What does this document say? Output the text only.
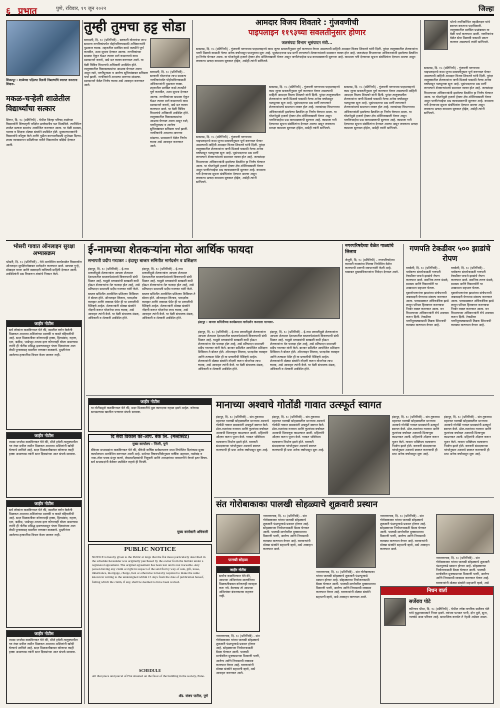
६ प्रभात	पुणे, रविवार, १९ जून २०२२	जिल्हा
शिक्रापूर : शाळेच्या पहिल्या दिवशी विद्यार्थ्यांचे स्वागत करताना शिक्षक.
तुम्ही तुमचा हट्ट सोडा
बारामती, दि. १८ (प्रतिनिधी) - सरकारी योजनांचा लाभ सामान्य नागरिकांपर्यंत पोहोचविण्यासाठी अधिकाऱ्यांनी पुढाकार घ्यावा. शहरातील प्रलंबित कामे तातडीने पूर्ण करावीत, अशा सूचना देण्यात आल्या. नागरिकांच्या समस्या ऐकून घेऊन त्यावर मार्ग काढण्याचे काम प्रशासनाने करावे, असे मत व्यक्त करण्यात आले. या वेळी विविध विभागांचे अधिकारी उपस्थित होते. तालुक्यातील विकासकामांचा आढावा घेण्यात आला असून रस्ते, पाणीपुरवठा व आरोग्य सुविधांबाबत सविस्तर चर्चा झाली. नागरिकांनी आपल्या मागण्या मांडल्या. प्रशासनाने वेळेत निर्णय घ्यावा असे आवाहन करण्यात आले.
बारामती, दि. १८ (प्रतिनिधी) - सरकारी योजनांचा लाभ सामान्य नागरिकांपर्यंत पोहोचविण्यासाठी अधिकाऱ्यांनी पुढाकार घ्यावा. शहरातील प्रलंबित कामे तातडीने पूर्ण करावीत, अशा सूचना देण्यात आल्या. नागरिकांच्या समस्या ऐकून घेऊन त्यावर मार्ग काढण्याचे काम प्रशासनाने करावे, असे मत व्यक्त करण्यात आले. या वेळी विविध विभागांचे अधिकारी उपस्थित होते. तालुक्यातील विकासकामांचा आढावा घेण्यात आला असून रस्ते, पाणीपुरवठा व आरोग्य सुविधांबाबत सविस्तर चर्चा झाली. नागरिकांनी आपल्या मागण्या मांडल्या. प्रशासनाने वेळेत निर्णय घ्यावा असे आवाहन करण्यात आले.
मकळ-चऱ्हेली शाळेतील विद्यार्थ्यांचा सत्कार
शिरूर, दि. १८ (प्रतिनिधी) - येथील जिल्हा परिषद शाळेच्या विद्यार्थ्यांनी शिष्यवृत्ती परीक्षेत उल्लेखनीय यश मिळविले. त्यानिमित्त शाळेत सत्कार समारंभ आयोजित करण्यात आला. या वेळी ग्रामस्थ, पालक व शिक्षक मोठ्या संख्येने उपस्थित होते. मुख्याध्यापकांनी विद्यार्थ्यांचे कौतुक केले आणि पुढील वाटचालीसाठी शुभेच्छा दिल्या. शाळा व्यवस्थापन समितीच्या वतीने विद्यार्थ्यांना बक्षिसे देण्यात आली.
आमदार विजय शिवतारे : गुंजवणीची
पाइपलाइन ११९३च्या सवलतीनुसार होणार
जलसंपदा विभाग भूसंपादन मंत्री...
सासवड, दि. १८ (प्रतिनिधी) - गुंजवणी धरणाच्या पाइपलाइनचे काम जुन्या सवलतीनुसार पूर्ण करण्यात येणार असल्याची माहिती आमदार विजय शिवतारे यांनी दिली. पुरंदर तालुक्यातील शेतकऱ्यांना पाणी मिळावे यासाठी गेल्या अनेक वर्षांपासून पाठपुरावा सुरू आहे. भूसंपादनाचा प्रश्न मार्गी लागल्याने शेतकऱ्यांमध्ये समाधान व्यक्त होत आहे. जलसंपदा विभागाच्या अधिकाऱ्यांशी झालेल्या बैठकीत हा निर्णय घेण्यात आला. या योजनेमुळे हजारो हेक्टर क्षेत्र ओलिताखाली येणार असून पाणीटंचाईचा प्रश्न कायमस्वरूपी सुटणार आहे. कामाला गती देण्याच्या सूचना संबंधितांना देण्यात आल्या असून लवकरच प्रत्यक्ष कामाला सुरुवात होईल, असेही त्यांनी सांगितले.
सासवड, दि. १८ (प्रतिनिधी) - गुंजवणी धरणाच्या पाइपलाइनचे काम जुन्या सवलतीनुसार पूर्ण करण्यात येणार असल्याची माहिती आमदार विजय शिवतारे यांनी दिली. पुरंदर तालुक्यातील शेतकऱ्यांना पाणी मिळावे यासाठी गेल्या अनेक वर्षांपासून पाठपुरावा सुरू आहे. भूसंपादनाचा प्रश्न मार्गी लागल्याने शेतकऱ्यांमध्ये समाधान व्यक्त होत आहे. जलसंपदा विभागाच्या अधिकाऱ्यांशी झालेल्या बैठकीत हा निर्णय घेण्यात आला. या योजनेमुळे हजारो हेक्टर क्षेत्र ओलिताखाली येणार असून पाणीटंचाईचा प्रश्न कायमस्वरूपी सुटणार आहे. कामाला गती देण्याच्या सूचना संबंधितांना देण्यात आल्या असून लवकरच प्रत्यक्ष कामाला सुरुवात होईल, असेही त्यांनी सांगितले.
सासवड, दि. १८ (प्रतिनिधी) - गुंजवणी धरणाच्या पाइपलाइनचे काम जुन्या सवलतीनुसार पूर्ण करण्यात येणार असल्याची माहिती आमदार विजय शिवतारे यांनी दिली. पुरंदर तालुक्यातील शेतकऱ्यांना पाणी मिळावे यासाठी गेल्या अनेक वर्षांपासून पाठपुरावा सुरू आहे. भूसंपादनाचा प्रश्न मार्गी लागल्याने शेतकऱ्यांमध्ये समाधान व्यक्त होत आहे. जलसंपदा विभागाच्या अधिकाऱ्यांशी झालेल्या बैठकीत हा निर्णय घेण्यात आला. या योजनेमुळे हजारो हेक्टर क्षेत्र ओलिताखाली येणार असून पाणीटंचाईचा प्रश्न कायमस्वरूपी सुटणार आहे. कामाला गती देण्याच्या सूचना संबंधितांना देण्यात आल्या असून लवकरच प्रत्यक्ष कामाला सुरुवात होईल, असेही त्यांनी सांगितले.
सासवड, दि. १८ (प्रतिनिधी) - गुंजवणी धरणाच्या पाइपलाइनचे काम जुन्या सवलतीनुसार पूर्ण करण्यात येणार असल्याची माहिती आमदार विजय शिवतारे यांनी दिली. पुरंदर तालुक्यातील शेतकऱ्यांना पाणी मिळावे यासाठी गेल्या अनेक वर्षांपासून पाठपुरावा सुरू आहे. भूसंपादनाचा प्रश्न मार्गी लागल्याने शेतकऱ्यांमध्ये समाधान व्यक्त होत आहे. जलसंपदा विभागाच्या अधिकाऱ्यांशी झालेल्या बैठकीत हा निर्णय घेण्यात आला. या योजनेमुळे हजारो हेक्टर क्षेत्र ओलिताखाली येणार असून पाणीटंचाईचा प्रश्न कायमस्वरूपी सुटणार आहे. कामाला गती देण्याच्या सूचना संबंधितांना देण्यात आल्या असून लवकरच प्रत्यक्ष कामाला सुरुवात होईल, असेही त्यांनी सांगितले.
भोरचे नवनिर्वाचित तहसीलदार यांचे स्वागत करताना पदाधिकारी. तालुक्यातील प्रलंबित प्रश्नांबाबत या वेळी चर्चा करण्यात आली. नागरिकांना वेळेत सेवा मिळावी यासाठी प्रयत्न करणार असल्याचे त्यांनी सांगितले.
सासवड, दि. १८ (प्रतिनिधी) - गुंजवणी धरणाच्या पाइपलाइनचे काम जुन्या सवलतीनुसार पूर्ण करण्यात येणार असल्याची माहिती आमदार विजय शिवतारे यांनी दिली. पुरंदर तालुक्यातील शेतकऱ्यांना पाणी मिळावे यासाठी गेल्या अनेक वर्षांपासून पाठपुरावा सुरू आहे. भूसंपादनाचा प्रश्न मार्गी लागल्याने शेतकऱ्यांमध्ये समाधान व्यक्त होत आहे. जलसंपदा विभागाच्या अधिकाऱ्यांशी झालेल्या बैठकीत हा निर्णय घेण्यात आला. या योजनेमुळे हजारो हेक्टर क्षेत्र ओलिताखाली येणार असून पाणीटंचाईचा प्रश्न कायमस्वरूपी सुटणार आहे. कामाला गती देण्याच्या सूचना संबंधितांना देण्यात आल्या असून लवकरच प्रत्यक्ष कामाला सुरुवात होईल, असेही त्यांनी सांगितले.
भोसरी गावात ऑनलाइन सुरक्षा अभ्यासक्रम
भोसरी, दि. १८ (प्रतिनिधी) - येथे आयोजित कार्यशाळेत विद्यार्थ्यांना ऑनलाइन सुरक्षिततेबाबत मार्गदर्शन करण्यात आले. सायबर गुन्हे, मोबाइल वापर आणि खबरदारी याविषयी माहिती देण्यात आली. उपस्थितांनी प्रश्न विचारून शंकांचे निरसन केले.
जाहीर नोटीस
सर्व लोकांना कळविण्यात येते की, खालील वर्णन केलेली मिळकत आमच्या अशिलांच्या मालकी व कब्जे वहिवाटीची आहे. सदर मिळकतीवर कोणाचाही हक्क, हितसंबंध, गहाण, दान, बक्षीस, भाडेपट्टा अथवा इतर कोणताही बोजा असल्यास त्यांनी ही नोटीस प्रसिद्ध झाल्यापासून पंधरा दिवसांच्या आत लेखी पुराव्यासह खालील पत्त्यावर कळवावे. मुदतीनंतर आलेल्या हरकतींचा विचार केला जाणार नाही.
जाहीर नोटीस
तमाम जनतेस कळविण्यात येते की, मौजे हवेली तालुक्यातील गट नंबर मधील जमीन मिळकत आमच्या अशिलांनी खरेदी घेण्याचे ठरविले आहे. सदर मिळकतीबाबत कोणाचा काही हक्क असल्यास त्यांनी सात दिवसांच्या आत संपर्क साधावा.
जाहीर नोटीस
सर्व लोकांना कळविण्यात येते की, खालील वर्णन केलेली मिळकत आमच्या अशिलांच्या मालकी व कब्जे वहिवाटीची आहे. सदर मिळकतीवर कोणाचाही हक्क, हितसंबंध, गहाण, दान, बक्षीस, भाडेपट्टा अथवा इतर कोणताही बोजा असल्यास त्यांनी ही नोटीस प्रसिद्ध झाल्यापासून पंधरा दिवसांच्या आत लेखी पुराव्यासह खालील पत्त्यावर कळवावे. मुदतीनंतर आलेल्या हरकतींचा विचार केला जाणार नाही.
जाहीर नोटीस
तमाम जनतेस कळविण्यात येते की, मौजे हवेली तालुक्यातील गट नंबर मधील जमीन मिळकत आमच्या अशिलांनी खरेदी घेण्याचे ठरविले आहे. सदर मिळकतीबाबत कोणाचा काही हक्क असल्यास त्यांनी सात दिवसांच्या आत संपर्क साधावा.
ई-नामच्या शेतकऱ्यांना मोठा आर्थिक फायदा
सभापती प्रदीप गरटकर : इंदापूर बाजार समितीत मार्गदर्शन व प्रशिक्षण
इंदापूर, दि. १८ (प्रतिनिधी) - ई-नाम प्रणालीमुळे शेतकऱ्यांना आपला शेतमाल देशभरातील बाजारपेठांमध्ये विकण्याची संधी मिळत आहे. यामुळे मध्यस्थांची साखळी कमी होऊन शेतकऱ्यांना थेट फायदा होत आहे, असे प्रतिपादन सभापती प्रदीप गरटकर यांनी केले. बाजार समितीत आयोजित प्रशिक्षण शिबिरात ते बोलत होते. ऑनलाइन लिलाव, पारदर्शक व्यवहार आणि तत्काळ पेमेंट ही या प्रणालीची वैशिष्ट्ये आहेत. शेतकऱ्यांनी मोठ्या संख्येने नोंदणी करून योजनेचा लाभ घ्यावा, असे आवाहन त्यांनी केले. या वेळी संचालक मंडळ, अधिकारी व शेतकरी उपस्थित होते.
इंदापूर, दि. १८ (प्रतिनिधी) - ई-नाम प्रणालीमुळे शेतकऱ्यांना आपला शेतमाल देशभरातील बाजारपेठांमध्ये विकण्याची संधी मिळत आहे. यामुळे मध्यस्थांची साखळी कमी होऊन शेतकऱ्यांना थेट फायदा होत आहे, असे प्रतिपादन सभापती प्रदीप गरटकर यांनी केले. बाजार समितीत आयोजित प्रशिक्षण शिबिरात ते बोलत होते. ऑनलाइन लिलाव, पारदर्शक व्यवहार आणि तत्काळ पेमेंट ही या प्रणालीची वैशिष्ट्ये आहेत. शेतकऱ्यांनी मोठ्या संख्येने नोंदणी करून योजनेचा लाभ घ्यावा, असे आवाहन त्यांनी केले. या वेळी संचालक मंडळ, अधिकारी व शेतकरी उपस्थित होते.
इंदापूर : बाजार समितीच्या कार्यक्रमात मार्गदर्शन करताना मान्यवर.
इंदापूर, दि. १८ (प्रतिनिधी) - ई-नाम प्रणालीमुळे शेतकऱ्यांना आपला शेतमाल देशभरातील बाजारपेठांमध्ये विकण्याची संधी मिळत आहे. यामुळे मध्यस्थांची साखळी कमी होऊन शेतकऱ्यांना थेट फायदा होत आहे, असे प्रतिपादन सभापती प्रदीप गरटकर यांनी केले. बाजार समितीत आयोजित प्रशिक्षण शिबिरात ते बोलत होते. ऑनलाइन लिलाव, पारदर्शक व्यवहार आणि तत्काळ पेमेंट ही या प्रणालीची वैशिष्ट्ये आहेत. शेतकऱ्यांनी मोठ्या संख्येने नोंदणी करून योजनेचा लाभ घ्यावा, असे आवाहन त्यांनी केले. या वेळी संचालक मंडळ, अधिकारी व शेतकरी उपस्थित होते.
इंदापूर, दि. १८ (प्रतिनिधी) - ई-नाम प्रणालीमुळे शेतकऱ्यांना आपला शेतमाल देशभरातील बाजारपेठांमध्ये विकण्याची संधी मिळत आहे. यामुळे मध्यस्थांची साखळी कमी होऊन शेतकऱ्यांना थेट फायदा होत आहे, असे प्रतिपादन सभापती प्रदीप गरटकर यांनी केले. बाजार समितीत आयोजित प्रशिक्षण शिबिरात ते बोलत होते. ऑनलाइन लिलाव, पारदर्शक व्यवहार आणि तत्काळ पेमेंट ही या प्रणालीची वैशिष्ट्ये आहेत. शेतकऱ्यांनी मोठ्या संख्येने नोंदणी करून योजनेचा लाभ घ्यावा, असे आवाहन त्यांनी केले. या वेळी संचालक मंडळ, अधिकारी व शेतकरी उपस्थित होते.
नगरपरिषदेच्या वेळेत गाळ्यांचे लिलाव
जेजुरी, दि. १८ (प्रतिनिधी) - नगरपरिषदेच्या व्यापारी गाळ्यांचा लिलाव नियोजित वेळेत करण्याची मागणी व्यापाऱ्यांनी केली आहे. याबाबत मुख्याधिकाऱ्यांना निवेदन देण्यात आले.
गणपति टेकडीवर ५०० झाडांचे रोपण
वाघोली, दि. १८ (प्रतिनिधी) - पर्यावरण संवर्धनासाठी गणपती टेकडीवर पाचशे झाडांचे रोपण करण्यात आले. स्थानिक तरुण मंडळे, ग्रामस्थ आणि विद्यार्थ्यांनी या उपक्रमात सहभाग घेतला. वृक्षारोपणानंतर झाडांच्या संगोपनाची जबाबदारी घेण्याचा संकल्प करण्यात आला. पावसाळ्यात अधिकाधिक झाडे लावून परिसर हिरवागार करण्याचा निर्धार व्यक्त करण्यात आला. वन विभागाच्या अधिकाऱ्यांनी रोपे उपलब्ध करून दिली. टेकडीवर पाणीपुरवठ्यासाठी ठिबक सिंचनाची व्यवस्था करण्यात येणार आहे.
वाघोली, दि. १८ (प्रतिनिधी) - पर्यावरण संवर्धनासाठी गणपती टेकडीवर पाचशे झाडांचे रोपण करण्यात आले. स्थानिक तरुण मंडळे, ग्रामस्थ आणि विद्यार्थ्यांनी या उपक्रमात सहभाग घेतला. वृक्षारोपणानंतर झाडांच्या संगोपनाची जबाबदारी घेण्याचा संकल्प करण्यात आला. पावसाळ्यात अधिकाधिक झाडे लावून परिसर हिरवागार करण्याचा निर्धार व्यक्त करण्यात आला. वन विभागाच्या अधिकाऱ्यांनी रोपे उपलब्ध करून दिली. टेकडीवर पाणीपुरवठ्यासाठी ठिबक सिंचनाची व्यवस्था करण्यात येणार आहे.
जाहीर नोटीस
या नोटीसद्वारे कळविण्यात येते की, सदर मिळकतीचे मूळ कागदपत्र गहाळ झाले आहेत. कोणास सापडल्यास खालील पत्त्यावर संपर्क साधावा.
मानाच्या अश्वाचे गोतोंडी गावात उत्स्फूर्त स्वागत
इंदापूर, दि. १८ (प्रतिनिधी) - संत तुकाराम महाराज पालखी सोहळ्यातील मानाच्या अश्वाचे गोतोंडी गावात ग्रामस्थांनी उत्स्फूर्त स्वागत केले. ढोल-ताशांच्या गजरात आणि फुलांच्या वर्षावात अश्वाची मिरवणूक काढण्यात आली. महिलांनी औक्षण करून पूजन केले. गावात भक्तिमय वातावरण निर्माण झाले होते. वारकरी संप्रदायाच्या परंपरेनुसार अश्वाचे स्वागत करण्याची ही प्रथा अनेक वर्षांपासून सुरू आहे.
इंदापूर, दि. १८ (प्रतिनिधी) - संत तुकाराम महाराज पालखी सोहळ्यातील मानाच्या अश्वाचे गोतोंडी गावात ग्रामस्थांनी उत्स्फूर्त स्वागत केले. ढोल-ताशांच्या गजरात आणि फुलांच्या वर्षावात अश्वाची मिरवणूक काढण्यात आली. महिलांनी औक्षण करून पूजन केले. गावात भक्तिमय वातावरण निर्माण झाले होते. वारकरी संप्रदायाच्या परंपरेनुसार अश्वाचे स्वागत करण्याची ही प्रथा अनेक वर्षांपासून सुरू आहे.
इंदापूर, दि. १८ (प्रतिनिधी) - संत तुकाराम महाराज पालखी सोहळ्यातील मानाच्या अश्वाचे गोतोंडी गावात ग्रामस्थांनी उत्स्फूर्त स्वागत केले. ढोल-ताशांच्या गजरात आणि फुलांच्या वर्षावात अश्वाची मिरवणूक काढण्यात आली. महिलांनी औक्षण करून पूजन केले. गावात भक्तिमय वातावरण निर्माण झाले होते. वारकरी संप्रदायाच्या परंपरेनुसार अश्वाचे स्वागत करण्याची ही प्रथा अनेक वर्षांपासून सुरू आहे.
इंदापूर, दि. १८ (प्रतिनिधी) - संत तुकाराम महाराज पालखी सोहळ्यातील मानाच्या अश्वाचे गोतोंडी गावात ग्रामस्थांनी उत्स्फूर्त स्वागत केले. ढोल-ताशांच्या गजरात आणि फुलांच्या वर्षावात अश्वाची मिरवणूक काढण्यात आली. महिलांनी औक्षण करून पूजन केले. गावात भक्तिमय वातावरण निर्माण झाले होते. वारकरी संप्रदायाच्या परंपरेनुसार अश्वाचे स्वागत करण्याची ही प्रथा अनेक वर्षांपासून सुरू आहे.
दि सेवा विकास को-ऑप. बँक लि. (मल्टीस्टेट)
मुख्य कार्यालय : पिंपरी, पुणे
बँकेच्या सभासदांना कळविण्यात येते की, बँकेची वार्षिक सर्वसाधारण सभा नियोजित दिनांकास मुख्य कार्यालयात आयोजित करण्यात आली आहे. सभेच्या विषयपत्रिकेनुसार वार्षिक अहवाल, ताळेबंद व नफा-तोटा पत्रक मंजूर करणे, लेखापरीक्षकांची नियुक्ती आणि अध्यक्षांच्या परवानगीने येणारे इतर विषय. सर्व सभासदांनी वेळेवर उपस्थित राहावे ही विनंती.
मुख्य कार्यकारी अधिकारी
PUBLIC NOTICE
NOTICE is hereby given to the Public at large that the flat more particularly described in the schedule hereunder was originally purchased by the owner from the builder under a registered agreement. The original agreement has been lost and is not traceable. Any person having any claim or right in respect of the said flat by way of sale, gift, lease, inheritance, mortgage, charge, lien or otherwise is hereby required to make the same known in writing to the undersigned within 15 days from the date of publication hereof, failing which the claim, if any, shall be deemed to have been waived.
SCHEDULE
All that piece and parcel of Flat situated on the floor of the building in the society, Pune.
ॲड. संजय पाटील, पुणे
संत गोरोबाकाका पालखी सोहळ्याचे शुक्रवारी प्रस्थान
पालखी सोहळा
जाहीर नोटीस
सर्वांना कळविण्यात येते की, आमच्या अशिलांच्या मालकीच्या मिळकतीबाबत कोणताही व्यवहार करू नये. केल्यास तो आमच्या अशिलांवर बंधनकारक राहणार नाही.
नारायणगाव, दि. १८ (प्रतिनिधी) - संत गोरोबाकाका यांच्या पालखी सोहळ्याचे शुक्रवारी पंढरपूरकडे प्रस्थान होणार आहे. सोहळ्याच्या नियोजनासाठी बैठक घेण्यात आली. पालखी मार्गावरील मुक्कामाच्या ठिकाणी पाणी, आरोग्य आणि निवासाची व्यवस्था करण्यात येणार आहे. वारकऱ्यांनी मोठ्या संख्येने सहभागी व्हावे, असे आवाहन करण्यात आले.
नारायणगाव, दि. १८ (प्रतिनिधी) - संत गोरोबाकाका यांच्या पालखी सोहळ्याचे शुक्रवारी पंढरपूरकडे प्रस्थान होणार आहे. सोहळ्याच्या नियोजनासाठी बैठक घेण्यात आली. पालखी मार्गावरील मुक्कामाच्या ठिकाणी पाणी, आरोग्य आणि निवासाची व्यवस्था करण्यात येणार आहे. वारकऱ्यांनी मोठ्या संख्येने सहभागी व्हावे, असे आवाहन करण्यात आले.
नारायणगाव, दि. १८ (प्रतिनिधी) - संत गोरोबाकाका यांच्या पालखी सोहळ्याचे शुक्रवारी पंढरपूरकडे प्रस्थान होणार आहे. सोहळ्याच्या नियोजनासाठी बैठक घेण्यात आली. पालखी मार्गावरील मुक्कामाच्या ठिकाणी पाणी, आरोग्य आणि निवासाची व्यवस्था करण्यात येणार आहे. वारकऱ्यांनी मोठ्या संख्येने सहभागी व्हावे, असे आवाहन करण्यात आले.
नारायणगाव, दि. १८ (प्रतिनिधी) - संत गोरोबाकाका यांच्या पालखी सोहळ्याचे शुक्रवारी पंढरपूरकडे प्रस्थान होणार आहे. सोहळ्याच्या नियोजनासाठी बैठक घेण्यात आली. पालखी मार्गावरील मुक्कामाच्या ठिकाणी पाणी, आरोग्य आणि निवासाची व्यवस्था करण्यात येणार आहे. वारकऱ्यांनी मोठ्या संख्येने सहभागी व्हावे, असे आवाहन करण्यात आले.
नारायणगाव, दि. १८ (प्रतिनिधी) - संत गोरोबाकाका यांच्या पालखी सोहळ्याचे शुक्रवारी पंढरपूरकडे प्रस्थान होणार आहे. सोहळ्याच्या नियोजनासाठी बैठक घेण्यात आली. पालखी मार्गावरील मुक्कामाच्या ठिकाणी पाणी, आरोग्य आणि निवासाची व्यवस्था करण्यात येणार आहे. वारकऱ्यांनी मोठ्या संख्येने सहभागी व्हावे, असे
निधन वार्ता
सर्जेराव पोटे
कोरेगाव भीमा, दि. १८ (प्रतिनिधी) - येथील ज्येष्ठ नागरिक सर्जेराव पोटे यांचे वृद्धापकाळाने निधन झाले. त्यांच्या पश्चात पत्नी, दोन मुले, सुना, नातवंडे असा परिवार आहे. सामाजिक कार्यात ते नेहमी अग्रेसर असत.
